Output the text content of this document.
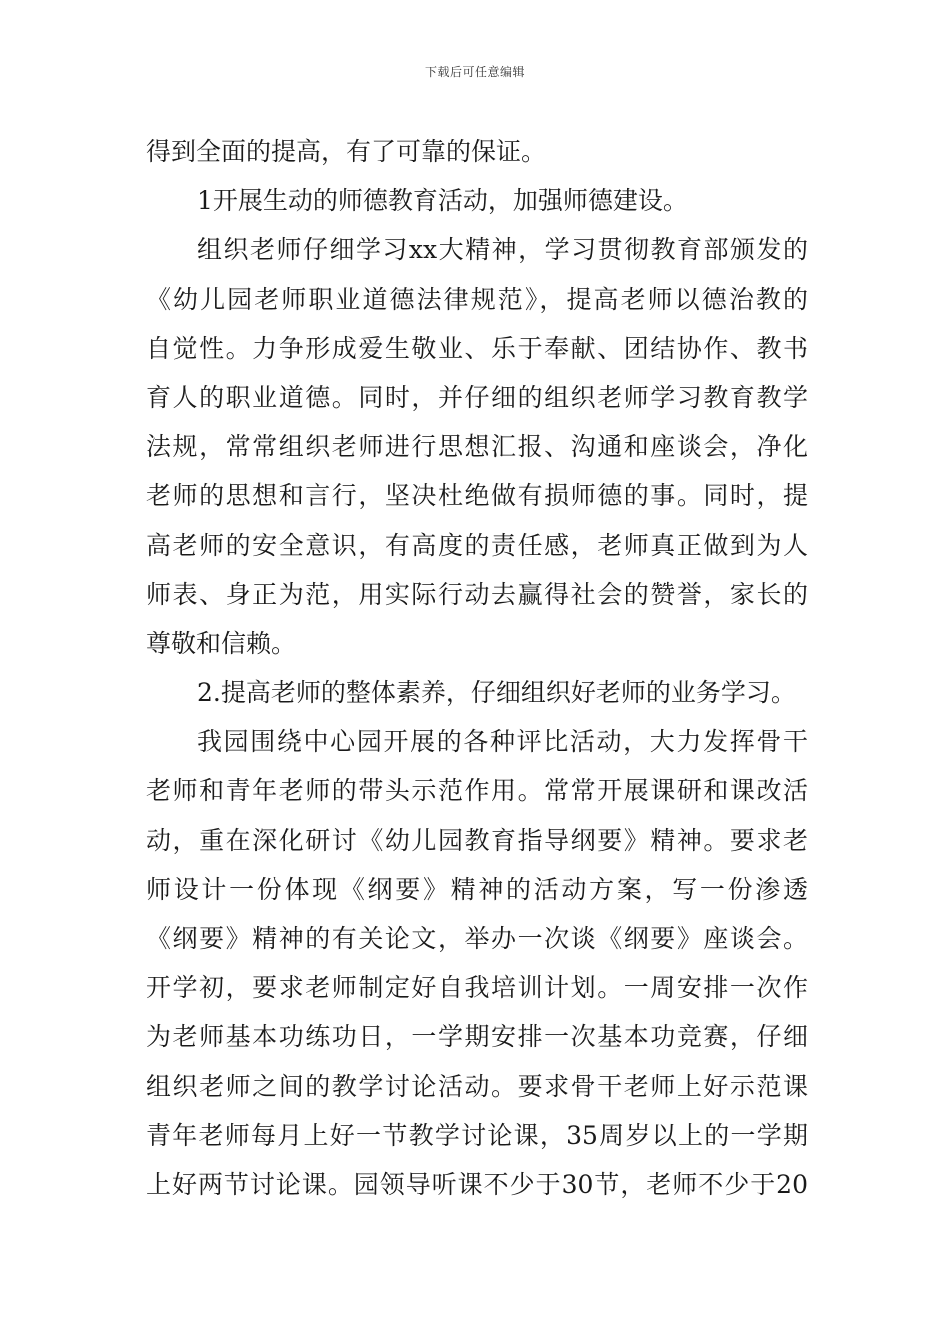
下载后可任意编辑
得到全面的提高，有了可靠的保证。
1开展生动的师德教育活动，加强师德建设。
组织老师仔细学习xx大精神，学习贯彻教育部颁发的
《幼儿园老师职业道德法律规范》，提高老师以德治教的
自觉性。力争形成爱生敬业、乐于奉献、团结协作、教书
育人的职业道德。同时，并仔细的组织老师学习教育教学
法规，常常组织老师进行思想汇报、沟通和座谈会，净化
老师的思想和言行，坚决杜绝做有损师德的事。同时，提
高老师的安全意识，有高度的责任感，老师真正做到为人
师表、身正为范，用实际行动去赢得社会的赞誉，家长的
尊敬和信赖。
2.提高老师的整体素养，仔细组织好老师的业务学习。
我园围绕中心园开展的各种评比活动，大力发挥骨干
老师和青年老师的带头示范作用。常常开展课研和课改活
动，重在深化研讨《幼儿园教育指导纲要》精神。要求老
师设计一份体现《纲要》精神的活动方案，写一份渗透
《纲要》精神的有关论文，举办一次谈《纲要》座谈会。
开学初，要求老师制定好自我培训计划。一周安排一次作
为老师基本功练功日，一学期安排一次基本功竞赛，仔细
组织老师之间的教学讨论活动。要求骨干老师上好示范课
青年老师每月上好一节教学讨论课，35周岁以上的一学期
上好两节讨论课。园领导听课不少于30节，老师不少于20
